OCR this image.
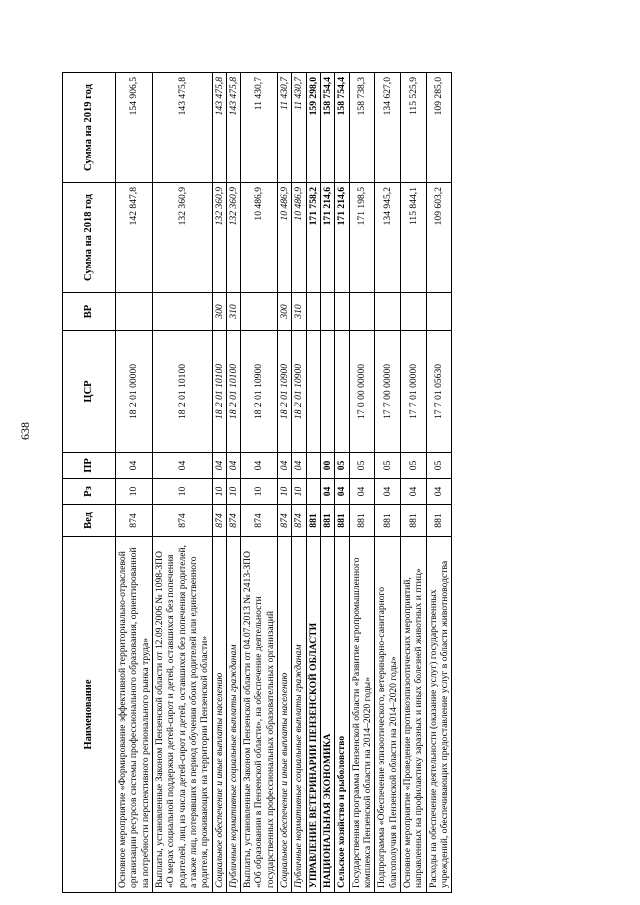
638
Наименование	Вед	Рз	ПР	ЦСР	ВР	Сумма на 2018 год	Сумма на 2019 год
Основное мероприятие «Формирование эффективной территориально-отраслевой организации ресурсов системы профессионального образования, ориентированной на потребности перспективного регионального рынка труда»	874	10	04	18 2 01 00000		142 847,8	154 906,5
Выплаты, установленные Законом Пензенской области от 12.09.2006 № 1098-ЗПО «О мерах социальной поддержки детей-сирот и детей, оставшихся без попечения родителей, лиц из числа детей-сирот и детей, оставшихся без попечения родителей, а также лиц, потерявших в период обучения обоих родителей или единственного родителя, проживающих на территории Пензенской области»	874	10	04	18 2 01 10100		132 360,9	143 475,8
Социальное обеспечение и иные выплаты населению	874	10	04	18 2 01 10100	300	132 360,9	143 475,8
Публичные нормативные социальные выплаты гражданам	874	10	04	18 2 01 10100	310	132 360,9	143 475,8
Выплаты, установленные Законом Пензенской области от 04.07.2013 № 2413-ЗПО «Об образовании в Пензенской области», на обеспечение деятельности государственных профессиональных образовательных организаций	874	10	04	18 2 01 10900		10 486,9	11 430,7
Социальное обеспечение и иные выплаты населению	874	10	04	18 2 01 10900	300	10 486,9	11 430,7
Публичные нормативные социальные выплаты гражданам	874	10	04	18 2 01 10900	310	10 486,9	11 430,7
УПРАВЛЕНИЕ ВЕТЕРИНАРИИ ПЕНЗЕНСКОЙ ОБЛАСТИ	881					171 758,2	159 298,0
НАЦИОНАЛЬНАЯ ЭКОНОМИКА	881	04	00			171 214,6	158 754,4
Сельское хозяйство и рыболовство	881	04	05			171 214,6	158 754,4
Государственная программа Пензенской области «Развитие агропромышленного комплекса Пензенской области на 2014–2020 годы»	881	04	05	17 0 00 00000		171 198,5	158 738,3
Подпрограмма «Обеспечение эпизоотического, ветеринарно-санитарного благополучия в Пензенской области на 2014–2020 годы»	881	04	05	17 7 00 00000		134 945,2	134 627,0
Основное мероприятие «Проведение противоэпизоотических мероприятий, направленных на профилактику заразных и иных болезней животных и птиц»	881	04	05	17 7 01 00000		115 844,1	115 525,9
Расходы на обеспечение деятельности (оказание услуг) государственных учреждений, обеспечивающих предоставление услуг в области животноводства	881	04	05	17 7 01 05630		109 603,2	109 285,0
